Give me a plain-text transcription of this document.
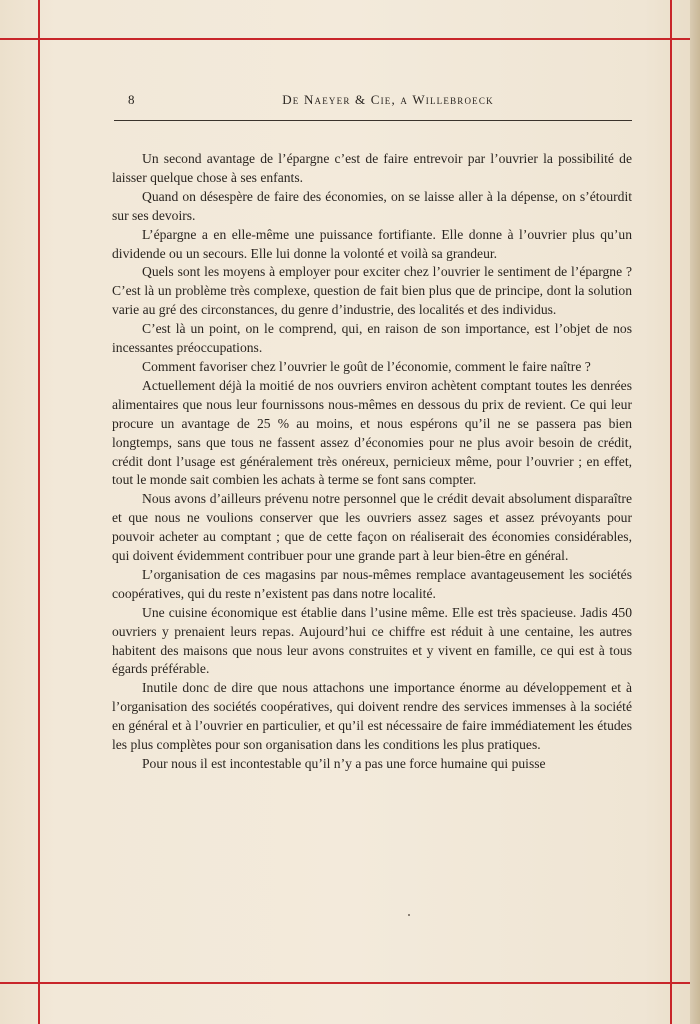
8	De Naeyer & Cie, a Willebroeck

Un second avantage de l’épargne c’est de faire entrevoir par l’ouvrier la possibilité de laisser quelque chose à ses enfants.

Quand on désespère de faire des économies, on se laisse aller à la dépense, on s’étourdit sur ses devoirs.

L’épargne a en elle-même une puissance fortifiante. Elle donne à l’ouvrier plus qu’un dividende ou un secours. Elle lui donne la volonté et voilà sa grandeur.

Quels sont les moyens à employer pour exciter chez l’ouvrier le sentiment de l’épargne ? C’est là un problème très complexe, question de fait bien plus que de principe, dont la solution varie au gré des circonstances, du genre d’industrie, des localités et des individus.

C’est là un point, on le comprend, qui, en raison de son importance, est l’objet de nos incessantes préoccupations.

Comment favoriser chez l’ouvrier le goût de l’économie, comment le faire naître ?

Actuellement déjà la moitié de nos ouvriers environ achètent comptant toutes les denrées alimentaires que nous leur fournissons nous-mêmes en dessous du prix de revient. Ce qui leur procure un avantage de 25 % au moins, et nous espérons qu’il ne se passera pas bien longtemps, sans que tous ne fassent assez d’économies pour ne plus avoir besoin de crédit, crédit dont l’usage est généralement très onéreux, pernicieux même, pour l’ouvrier ; en effet, tout le monde sait combien les achats à terme se font sans compter.

Nous avons d’ailleurs prévenu notre personnel que le crédit devait absolument disparaître et que nous ne voulions conserver que les ouvriers assez sages et assez prévoyants pour pouvoir acheter au comptant ; que de cette façon on réaliserait des économies considérables, qui doivent évidemment contribuer pour une grande part à leur bien-être en général.

L’organisation de ces magasins par nous-mêmes remplace avantageusement les sociétés coopératives, qui du reste n’existent pas dans notre localité.

Une cuisine économique est établie dans l’usine même. Elle est très spacieuse. Jadis 450 ouvriers y prenaient leurs repas. Aujourd’hui ce chiffre est réduit à une centaine, les autres habitent des maisons que nous leur avons construites et y vivent en famille, ce qui est à tous égards préférable.

Inutile donc de dire que nous attachons une importance énorme au développement et à l’organisation des sociétés coopératives, qui doivent rendre des services immenses à la société en général et à l’ouvrier en particulier, et qu’il est nécessaire de faire immédiatement les études les plus complètes pour son organisation dans les conditions les plus pratiques.

Pour nous il est incontestable qu’il n’y a pas une force humaine qui puisse
